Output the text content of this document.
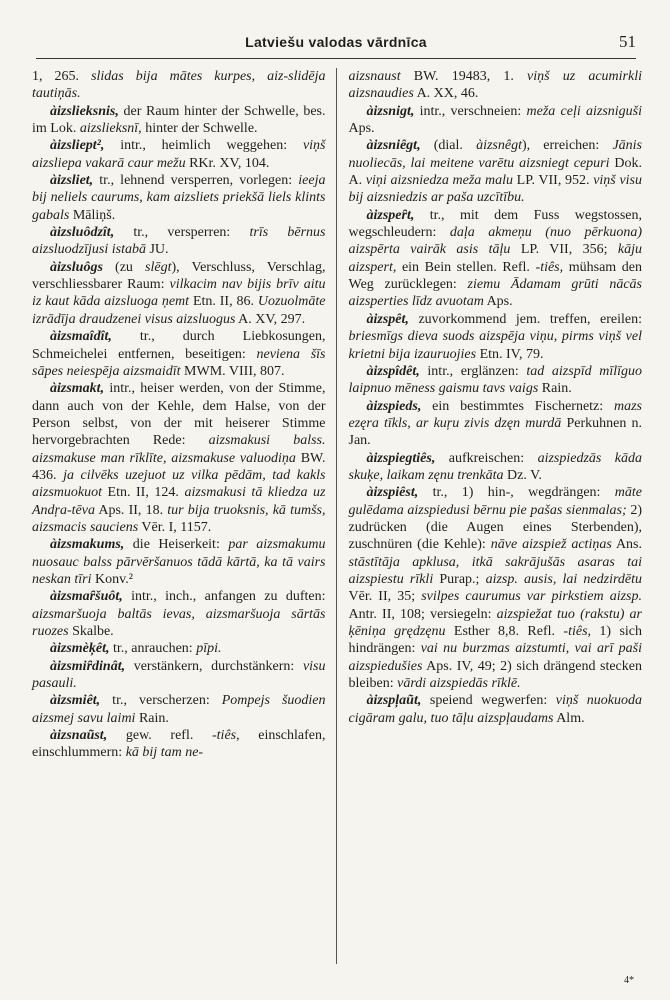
Latviešu valodas vārdnīca	51

1, 265. slidas bija mātes kurpes, aiz-slidēja tautiņās.

àizslieksnis, der Raum hinter der Schwelle, bes. im Lok. aizslieksnī, hinter der Schwelle.

àizsliept², intr., heimlich weggehen: viņš aizsliepa vakarā caur mežu RKr. XV, 104.

àizsliet, tr., lehnend versperren, vorlegen: ieeja bij neliels caurums, kam aizsliets priekšā liels klints gabals Māliņš.

àizsluôdzît, tr., versperren: trīs bērnus aizsluodzījusi istabā JU.

àizsluôgs (zu slēgt), Verschluss, Verschlag, verschliessbarer Raum: vilkacim nav bijis brīv aitu iz kaut kāda aizsluoga ņemt Etn. II, 86. Uozuolmāte izrādīja draudzenei visus aizsluogus A. XV, 297.

àizsmaîdît, tr., durch Liebkosungen, Schmeichelei entfernen, beseitigen: neviena šīs sāpes neiespēja aizsmaidīt MWM. VIII, 807.

àizsmakt, intr., heiser werden, von der Stimme, dann auch von der Kehle, dem Halse, von der Person selbst, von der mit heiserer Stimme hervorgebrachten Rede: aizsmakusi balss. aizsmakuse man rīklīte, aizsmakuse valuodiņa BW. 436. ja cilvēks uzejuot uz vilka pēdām, tad kakls aizsmuokuot Etn. II, 124. aizsmakusi tā kliedza uz Andŗa-tēva Aps. II, 18. tur bija truoksnis, kā tumšs, aizsmacis sauciens Vēr. I, 1157.

àizsmakums, die Heiserkeit: par aizsmakumu nuosauc balss pārvēršanuos tādā kārtā, ka tā vairs neskan tīri Konv.²

àizsmaȓšuôt, intr., inch., anfangen zu duften: aizsmaršuoja baltās ievas, aizsmaršuoja sārtās ruozes Skalbe.

àizsmèķêt, tr., anrauchen: pīpi.

àizsmiȓdinât, verstänkern, durchstänkern: visu pasauli.

àizsmiêt, tr., verscherzen: Pompejs šuodien aizsmej savu laimi Rain.

àizsnaũst, gew. refl. -tiês, einschlafen, einschlummern: kā bij tam ne-

aizsnaust BW. 19483, 1. viņš uz acumirkli aizsnaudies A. XX, 46.

àizsnigt, intr., verschneien: meža ceļi aizsniguši Aps.

àizsniêgt, (dial. àizsnêgt), erreichen: Jānis nuoliecās, lai meitene varētu aizsniegt cepuri Dok. A. viņi aizsniedza meža malu LP. VII, 952. viņš visu bij aizsniedzis ar paša uzcītību.

àizspeȓt, tr., mit dem Fuss wegstossen, wegschleudern: daļa akmeņu (nuo pērkuona) aizspērta vairāk asis tāļu LP. VII, 356; kāju aizspert, ein Bein stellen. Refl. -tiês, mühsam den Weg zurücklegen: ziemu Ādamam grūti nācās aizsperties līdz avuotam Aps.

àizspêt, zuvorkommend jem. treffen, ereilen: briesmīgs dieva suods aizspēja viņu, pirms viņš vel krietni bija izauruojies Etn. IV, 79.

àizspîdêt, intr., erglänzen: tad aizspīd mīlīguo laipnuo mēness gaismu tavs vaigs Rain.

àizspieds, ein bestimmtes Fischernetz: mazs ezęra tīkls, ar kuŗu zivis dzęn murdā Perkuhnen n. Jan.

àizspiegtiês, aufkreischen: aizspiedzās kāda skuķe, laikam zęnu trenkāta Dz. V.

àizspiêst, tr., 1) hin-, wegdrängen: māte gulēdama aizspiedusi bērnu pie pašas sienmalas; 2) zudrücken (die Augen eines Sterbenden), zuschnüren (die Kehle): nāve aizspiež actiņas Ans. stāstītāja apklusa, itkā sakrājušās asaras tai aizspiestu rīkli Purap.; aizsp. ausis, lai nedzirdētu Vēr. II, 35; svilpes caurumus var pirkstiem aizsp. Antr. II, 108; versiegeln: aizspiežat tuo (rakstu) ar ķēniņa grędzęnu Esther 8,8. Refl. -tiês, 1) sich hindrängen: vai nu burzmas aizstumti, vai arī paši aizspiedušies Aps. IV, 49; 2) sich drängend stecken bleiben: vārdi aizspiedās rīklē.

àizspļaũt, speiend wegwerfen: viņš nuokuoda cigāram galu, tuo tāļu aizspļaudams Alm.

4*
